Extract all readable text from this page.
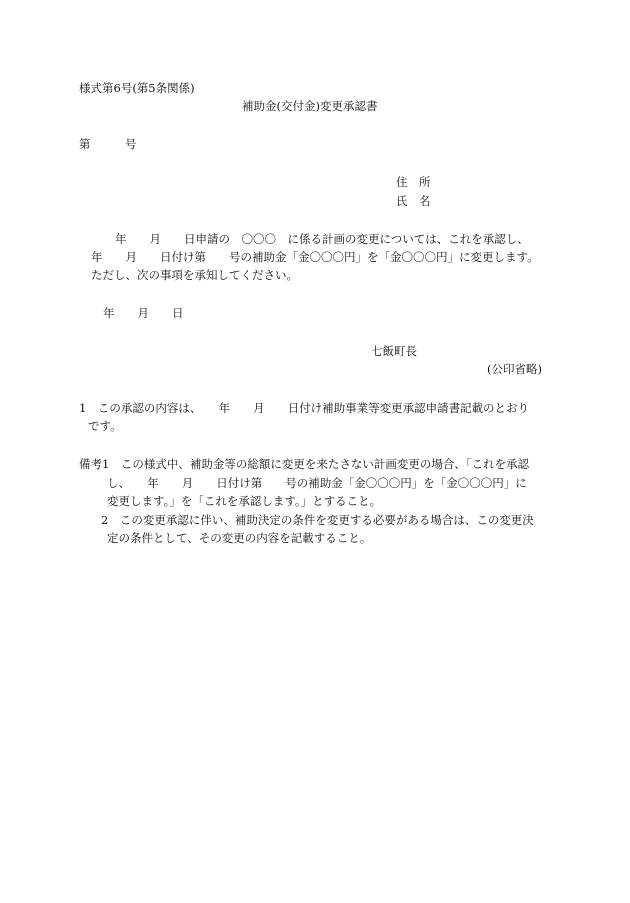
様式第6号(第5条関係)
補助金(交付金)変更承認書
第　　　号
住　所
氏　名
年　　月　　日申請の　〇〇〇　に係る計画の変更については、これを承認し、
年　　月　　日付け第　　号の補助金「金〇〇〇円」を「金〇〇〇円」に変更します。
ただし、次の事項を承知してください。
年　　月　　日
七飯町長
(公印省略)
1　この承認の内容は、　　年　　月　　日付け補助事業等変更承認申請書記載のとおり
です。
備考1　この様式中、補助金等の総額に変更を来たさない計画変更の場合、「これを承認
し、　　年　　月　　日付け第　　号の補助金「金〇〇〇円」を「金〇〇〇円」に
変更します。」を「これを承認します。」とすること。
2　この変更承認に伴い、補助決定の条件を変更する必要がある場合は、この変更決
定の条件として、その変更の内容を記載すること。
